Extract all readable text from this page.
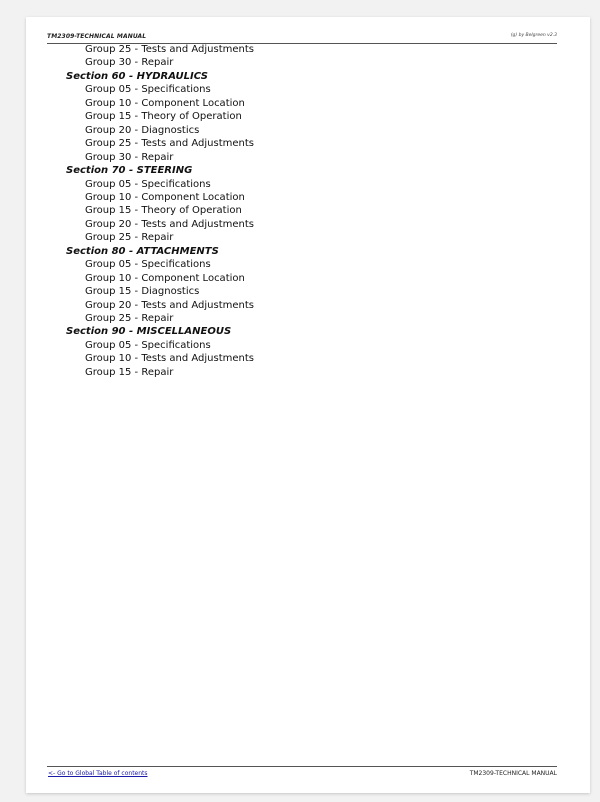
TM2309-TECHNICAL MANUAL	(g) by Belgreen v2.3
Group 25 - Tests and Adjustments
Group 30 - Repair
Section 60 - HYDRAULICS
Group 05 - Specifications
Group 10 - Component Location
Group 15 - Theory of Operation
Group 20 - Diagnostics
Group 25 - Tests and Adjustments
Group 30 - Repair
Section 70 - STEERING
Group 05 - Specifications
Group 10 - Component Location
Group 15 - Theory of Operation
Group 20 - Tests and Adjustments
Group 25 - Repair
Section 80 - ATTACHMENTS
Group 05 - Specifications
Group 10 - Component Location
Group 15 - Diagnostics
Group 20 - Tests and Adjustments
Group 25 - Repair
Section 90 - MISCELLANEOUS
Group 05 - Specifications
Group 10 - Tests and Adjustments
Group 15 - Repair
<- Go to Global Table of contents	TM2309-TECHNICAL MANUAL
